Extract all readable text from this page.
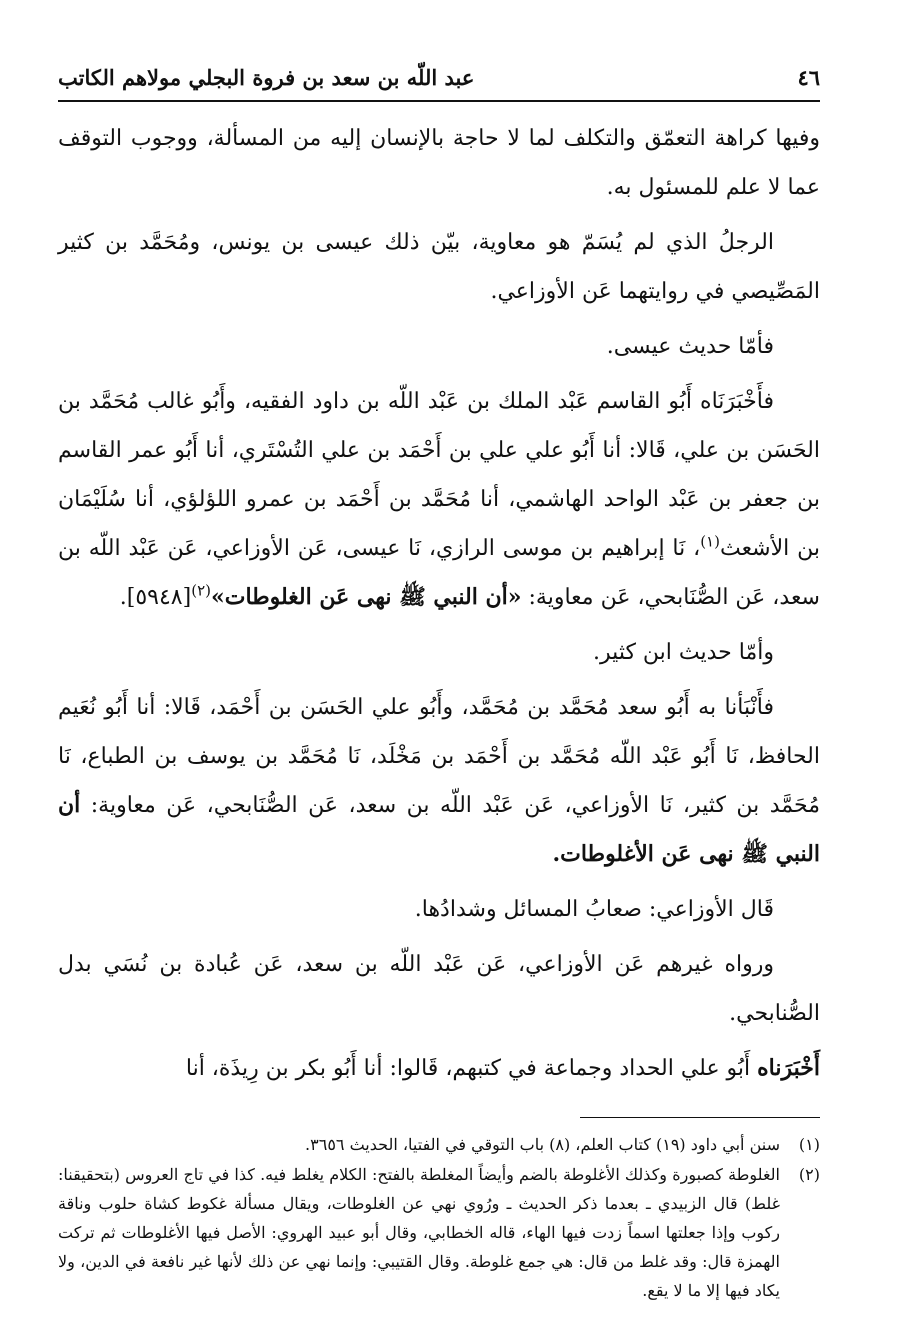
٤٦
عبد اللّه بن سعد بن فروة البجلي مولاهم الكاتب

وفيها كراهة التعمّق والتكلف لما لا حاجة بالإنسان إليه من المسألة، ووجوب التوقف عما لا علم للمسئول به.

الرجلُ الذي لم يُسَمّ هو معاوية، بيّن ذلك عيسى بن يونس، ومُحَمَّد بن كثير المَصِّيصي في روايتهما عَن الأوزاعي.

فأمّا حديث عيسى.

فأَخْبَرَنَاه أَبُو القاسم عَبْد الملك بن عَبْد اللّه بن داود الفقيه، وأَبُو غالب مُحَمَّد بن الحَسَن بن علي، قَالا: أنا أَبُو علي علي بن أَحْمَد بن علي التُسْتَري، أنا أَبُو عمر القاسم بن جعفر بن عَبْد الواحد الهاشمي، أنا مُحَمَّد بن أَحْمَد بن عمرو اللؤلؤي، أنا سُلَيْمَان بن الأشعث$^{(١)}$، نَا إبراهيم بن موسى الرازي، نَا عيسى، عَن الأوزاعي، عَن عَبْد اللّه بن سعد، عَن الصُّنَابحي، عَن معاوية: «أن النبي ﷺ نهى عَن الغلوطات»$^{(٢)}$[٥٩٤٨].

وأمّا حديث ابن كثير.

فأَنْبَأنا به أَبُو سعد مُحَمَّد بن مُحَمَّد، وأَبُو علي الحَسَن بن أَحْمَد، قَالا: أنا أَبُو نُعَيم الحافظ، نَا أَبُو عَبْد اللّه مُحَمَّد بن أَحْمَد بن مَخْلَد، نَا مُحَمَّد بن يوسف بن الطباع، نَا مُحَمَّد بن كثير، نَا الأوزاعي، عَن عَبْد اللّه بن سعد، عَن الصُّنَابحي، عَن معاوية: أن النبي ﷺ نهى عَن الأغلوطات.

قَال الأوزاعي: صعابُ المسائل وشدادُها.

ورواه غيرهم عَن الأوزاعي، عَن عَبْد اللّه بن سعد، عَن عُبادة بن نُسَي بدل الصُّنابحي.

أَخْبَرَناه أَبُو علي الحداد وجماعة في كتبهم، قَالوا: أنا أَبُو بكر بن رِيذَة، أنا

(١)
سنن أبي داود (١٩) كتاب العلم، (٨) باب التوقي في الفتيا، الحديث ٣٦٥٦.
(٢)
الغلوطة كصبورة وكذلك الأغلوطة بالضم وأيضاً المغلطة بالفتح: الكلام يغلط فيه. كذا في تاج العروس (بتحقيقنا: غلط) قال الزبيدي ـ بعدما ذكر الحديث ـ ورُوي نهي عن الغلوطات، ويقال مسألة غكوط كشاة حلوب وناقة ركوب وإذا جعلتها اسماً زدت فيها الهاء، قاله الخطابي، وقال أبو عبيد الهروي: الأصل فيها الأغلوطات ثم تركت الهمزة قال: وقد غلط من قال: هي جمع غلوطة. وقال القتيبي: وإنما نهي عن ذلك لأنها غير نافعة في الدين، ولا يكاد فيها إلا ما لا يقع.
